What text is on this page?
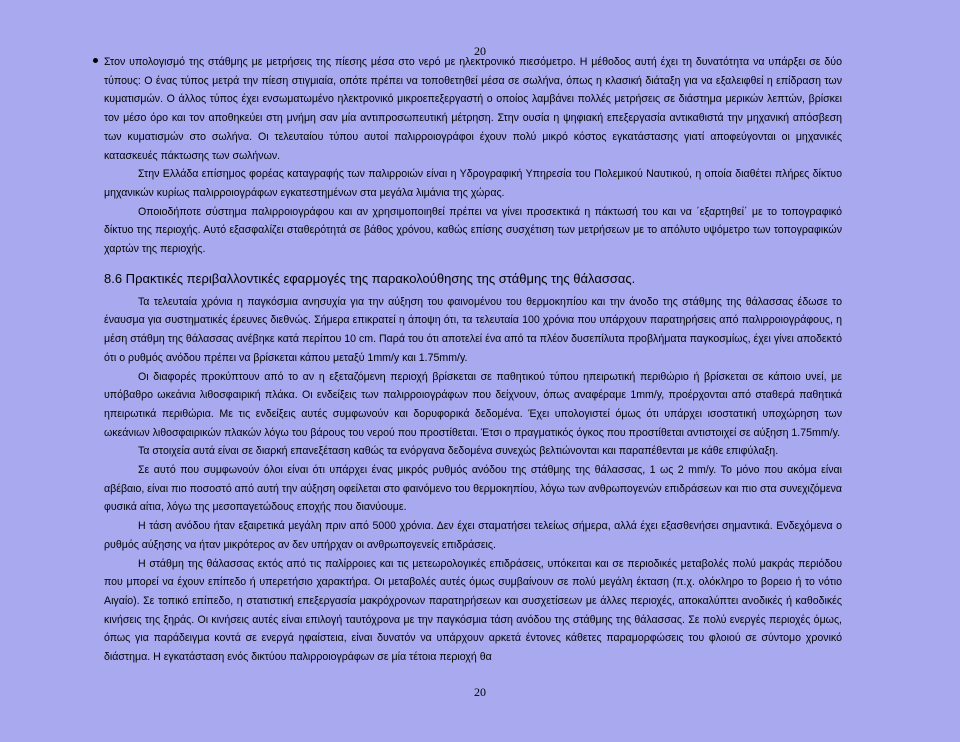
20

Στον υπολογισμό της στάθμης με μετρήσεις της πίεσης μέσα στο νερό με ηλεκτρονικό πιεσόμετρο. Η μέθοδος αυτή έχει τη δυνατότητα να υπάρξει σε δύο τύπους: Ο ένας τύπος μετρά την πίεση στιγμιαία, οπότε πρέπει να τοποθετηθεί μέσα σε σωλήνα, όπως η κλασική διάταξη για να εξαλειφθεί η επίδραση των κυματισμών. Ο άλλος τύπος έχει ενσωματωμένο ηλεκτρονικό μικροεπεξεργαστή ο οποίος λαμβάνει πολλές μετρήσεις σε διάστημα μερικών λεπτών, βρίσκει τον μέσο όρο και τον αποθηκεύει στη μνήμη σαν μία αντιπροσωπευτική μέτρηση. Στην ουσία η ψηφιακή επεξεργασία αντικαθιστά την μηχανική απόσβεση των κυματισμών στο σωλήνα. Οι τελευταίου τύπου αυτοί παλιρροιογράφοι έχουν πολύ μικρό κόστος εγκατάστασης γιατί αποφεύγονται οι μηχανικές κατασκευές πάκτωσης των σωλήνων.

Στην Ελλάδα επίσημος φορέας καταγραφής των παλιρροιών είναι η Υδρογραφική Υπηρεσία του Πολεμικού Ναυτικού, η οποία διαθέτει πλήρες δίκτυο μηχανικών κυρίως παλιρροιογράφων εγκατεστημένων στα μεγάλα λιμάνια της χώρας.

Οποιοδήποτε σύστημα παλιρροιογράφου και αν χρησιμοποιηθεί πρέπει να γίνει προσεκτικά η πάκτωσή του και να ΄εξαρτηθεί΄ με το τοπογραφικό δίκτυο της περιοχής. Αυτό εξασφαλίζει σταθερότητά σε βάθος χρόνου, καθώς επίσης συσχέτιση των μετρήσεων με το απόλυτο υψόμετρο των τοπογραφικών χαρτών της περιοχής.

8.6 Πρακτικές περιβαλλοντικές εφαρμογές της παρακολούθησης της στάθμης της θάλασσας.

Τα τελευταία χρόνια η παγκόσμια ανησυχία για την αύξηση του φαινομένου του θερμοκηπίου και την άνοδο της στάθμης της θάλασσας έδωσε το έναυσμα για συστηματικές έρευνες διεθνώς. Σήμερα επικρατεί η άποψη ότι, τα τελευταία 100 χρόνια που υπάρχουν παρατηρήσεις από παλιρροιογράφους, η μέση στάθμη της θάλασσας ανέβηκε κατά περίπου 10 cm. Παρά του ότι αποτελεί ένα από τα πλέον δυσεπίλυτα προβλήματα παγκοσμίως, έχει γίνει αποδεκτό ότι ο ρυθμός ανόδου πρέπει να βρίσκεται κάπου μεταξύ 1mm/y και 1.75mm/y.

Οι διαφορές προκύπτουν από το αν η εξεταζόμενη περιοχή βρίσκεται σε παθητικού τύπου ηπειρωτική περιθώριο ή βρίσκεται σε κάποιο υνεί, με υπόβαθρο ωκεάνια λιθοσφαιρική πλάκα. Οι ενδείξεις των παλιρροιογράφων που δείχνουν, όπως αναφέραμε 1mm/y, προέρχονται από σταθερά παθητικά ηπειρωτικά περιθώρια. Με τις ενδείξεις αυτές συμφωνούν και δορυφορικά δεδομένα. Έχει υπολογιστεί όμως ότι υπάρχει ισοστατική υποχώρηση των ωκεάνιων λιθοσφαιρικών πλακών λόγω του βάρους του νερού που προστίθεται. Έτσι ο πραγματικός όγκος που προστίθεται αντιστοιχεί σε αύξηση 1.75mm/y.

Τα στοιχεία αυτά είναι σε διαρκή επανεξέταση καθώς τα ενόργανα δεδομένα συνεχώς βελτιώνονται και παραπέθενται με κάθε επιφύλαξη.

Σε αυτό που συμφωνούν όλοι είναι ότι υπάρχει ένας μικρός ρυθμός ανόδου της στάθμης της θάλασσας, 1 ως 2 mm/y. Το μόνο που ακόμα είναι αβέβαιο, είναι πιο ποσοστό από αυτή την αύξηση οφείλεται στο φαινόμενο του θερμοκηπίου, λόγω των ανθρωπογενών επιδράσεων και πιο στα συνεχιζόμενα φυσικά αίτια, λόγω της μεσοπαγετώδους εποχής που διανύουμε.

Η τάση ανόδου ήταν εξαιρετικά μεγάλη πριν από 5000 χρόνια. Δεν έχει σταματήσει τελείως σήμερα, αλλά έχει εξασθενήσει σημαντικά. Ενδεχόμενα ο ρυθμός αύξησης να ήταν μικρότερος αν δεν υπήρχαν οι ανθρωπογενείς επιδράσεις.

Η στάθμη της θάλασσας εκτός από τις παλίρροιες και τις μετεωρολογικές επιδράσεις, υπόκειται και σε περιοδικές μεταβολές πολύ μακράς περιόδου που μπορεί να έχουν επίπεδο ή υπερετήσιο χαρακτήρα. Οι μεταβολές αυτές όμως συμβαίνουν σε πολύ μεγάλη έκταση (π.χ. ολόκληρο το βορειο ή το νότιο Αιγαίο). Σε τοπικό επίπεδο, η στατιστική επεξεργασία μακρόχρονων παρατηρήσεων και συσχετίσεων με άλλες περιοχές, αποκαλύπτει ανοδικές ή καθοδικές κινήσεις της ξηράς. Οι κινήσεις αυτές είναι επιλογή ταυτόχρονα με την παγκόσμια τάση ανόδου της στάθμης της θάλασσας. Σε πολύ ενεργές περιοχές όμως, όπως για παράδειγμα κοντά σε ενεργά ηφαίστεια, είναι δυνατόν να υπάρχουν αρκετά έντονες κάθετες παραμορφώσεις του φλοιού σε σύντομο χρονικό διάστημα. Η εγκατάσταση ενός δικτύου παλιρροιογράφων σε μία τέτοια περιοχή θα

20
